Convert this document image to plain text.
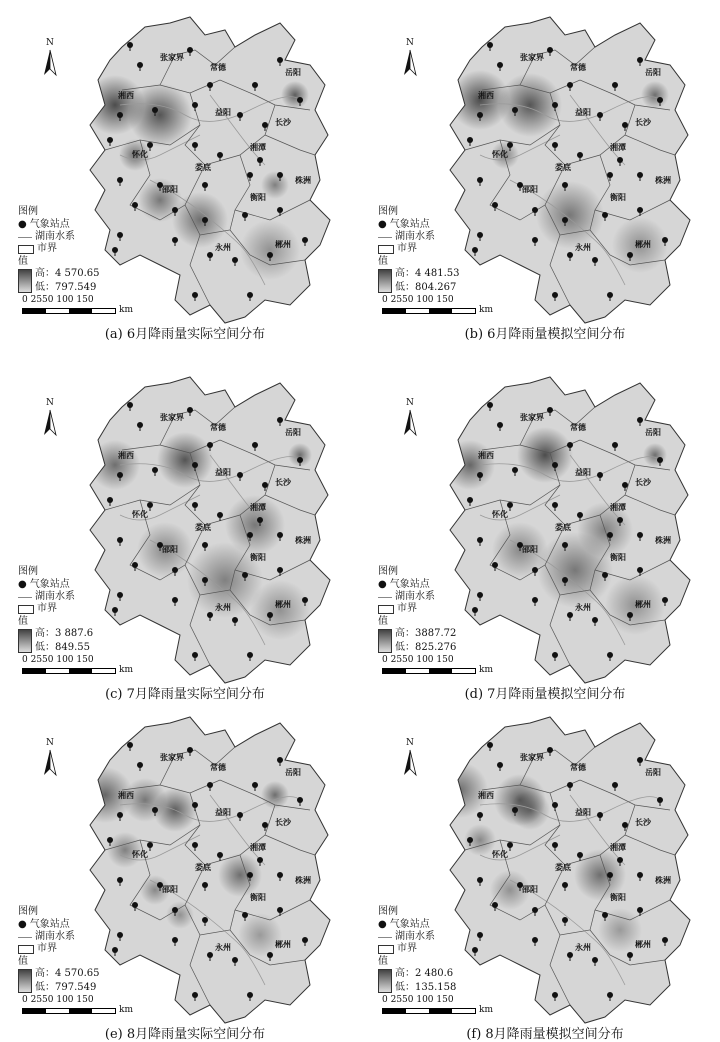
张家界
常德
岳阳
湘西
益阳
长沙
怀化
娄底
湘潭
株洲
邵阳
衡阳
永州	郴州
N
图例
● 气象站点
湖南水系
市界
值
高：4 570.65
低：797.549
0 2550 100 150
km
(a) 6月降雨量实际空间分布
张家界
常德
岳阳
湘西
益阳
长沙
怀化
娄底
湘潭
株洲
邵阳
衡阳
永州	郴州
N
图例
● 气象站点
湖南水系
市界
值
高：4 481.53
低：804.267
0 2550 100 150
km
(b) 6月降雨量模拟空间分布
张家界
常德
岳阳
湘西
益阳
长沙
怀化
娄底
湘潭
株洲
邵阳
衡阳
永州	郴州
N
图例
● 气象站点
湖南水系
市界
值
高：3 887.6
低：849.55
0 2550 100 150
km
(c) 7月降雨量实际空间分布
张家界
常德
岳阳
湘西
益阳
长沙
怀化
娄底
湘潭
株洲
邵阳
衡阳
永州	郴州
N
图例
● 气象站点
湖南水系
市界
值
高：3887.72
低：825.276
0 2550 100 150
km
(d) 7月降雨量模拟空间分布
张家界
常德
岳阳
湘西
益阳
长沙
怀化
娄底
湘潭
株洲
邵阳
衡阳
永州	郴州
N
图例
● 气象站点
湖南水系
市界
值
高：4 570.65
低：797.549
0 2550 100 150
km
(e) 8月降雨量实际空间分布
张家界
常德
岳阳
湘西
益阳
长沙
怀化
娄底
湘潭
株洲
邵阳
衡阳
永州	郴州
N
图例
● 气象站点
湖南水系
市界
值
高：2 480.6
低：135.158
0 2550 100 150
km
(f) 8月降雨量模拟空间分布
